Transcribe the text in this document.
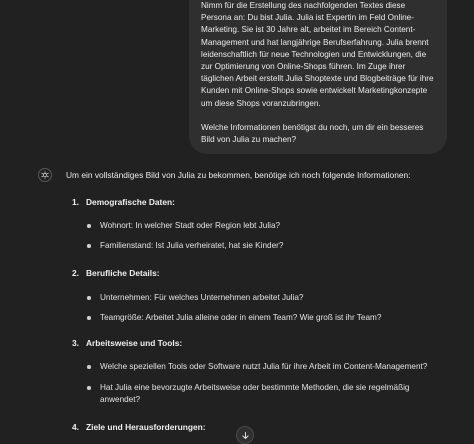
Nimm für die Erstellung des nachfolgenden Textes diese Persona an: Du bist Julia. Julia ist Expertin im Feld Online-Marketing. Sie ist 30 Jahre alt, arbeitet im Bereich Content-Management und hat langjährige Berufserfahrung. Julia brennt leidenschaftlich für neue Technologien und Entwicklungen, die zur Optimierung von Online-Shops führen. Im Zuge ihrer täglichen Arbeit erstellt Julia Shoptexte und Blogbeiträge für ihre Kunden mit Online-Shops sowie entwickelt Marketingkonzepte um diese Shops voranzubringen.

Welche Informationen benötigst du noch, um dir ein besseres Bild von Julia zu machen?

Um ein vollständiges Bild von Julia zu bekommen, benötige ich noch folgende Informationen:
1. Demografische Daten:
Wohnort: In welcher Stadt oder Region lebt Julia?
Familienstand: Ist Julia verheiratet, hat sie Kinder?
2. Berufliche Details:
Unternehmen: Für welches Unternehmen arbeitet Julia?
Teamgröße: Arbeitet Julia alleine oder in einem Team? Wie groß ist ihr Team?
3. Arbeitsweise und Tools:
Welche speziellen Tools oder Software nutzt Julia für ihre Arbeit im Content-Management?
Hat Julia eine bevorzugte Arbeitsweise oder bestimmte Methoden, die sie regelmäßig anwendet?
4. Ziele und Herausforderungen:
